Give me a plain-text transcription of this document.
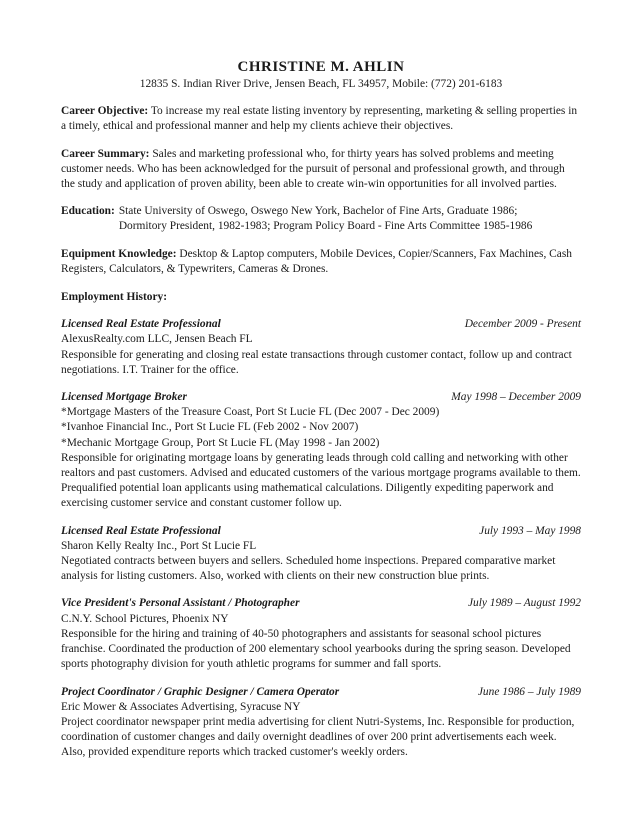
CHRISTINE M. AHLIN
12835 S. Indian River Drive, Jensen Beach, FL 34957, Mobile: (772) 201-6183
Career Objective: To increase my real estate listing inventory by representing, marketing & selling properties in a timely, ethical and professional manner and help my clients achieve their objectives.
Career Summary: Sales and marketing professional who, for thirty years has solved problems and meeting customer needs. Who has been acknowledged for the pursuit of personal and professional growth, and through the study and application of proven ability, been able to create win-win opportunities for all involved parties.
Education: State University of Oswego, Oswego New York, Bachelor of Fine Arts, Graduate 1986;
Dormitory President, 1982-1983; Program Policy Board - Fine Arts Committee 1985-1986
Equipment Knowledge: Desktop & Laptop computers, Mobile Devices, Copier/Scanners, Fax Machines, Cash Registers, Calculators, & Typewriters, Cameras & Drones.
Employment History:
Licensed Real Estate Professional	December 2009 - Present
AlexusRealty.com LLC, Jensen Beach FL
Responsible for generating and closing real estate transactions through customer contact, follow up and contract negotiations. I.T. Trainer for the office.
Licensed Mortgage Broker	May 1998 – December 2009
*Mortgage Masters of the Treasure Coast, Port St Lucie FL (Dec 2007 - Dec 2009)
*Ivanhoe Financial Inc., Port St Lucie FL (Feb 2002 - Nov 2007)
*Mechanic Mortgage Group, Port St Lucie FL (May 1998 - Jan 2002)
Responsible for originating mortgage loans by generating leads through cold calling and networking with other realtors and past customers. Advised and educated customers of the various mortgage programs available to them. Prequalified potential loan applicants using mathematical calculations. Diligently expediting paperwork and exercising customer service and constant customer follow up.
Licensed Real Estate Professional	July 1993 – May 1998
Sharon Kelly Realty Inc., Port St Lucie FL
Negotiated contracts between buyers and sellers. Scheduled home inspections. Prepared comparative market analysis for listing customers. Also, worked with clients on their new construction blue prints.
Vice President's Personal Assistant / Photographer	July 1989 – August 1992
C.N.Y. School Pictures, Phoenix NY
Responsible for the hiring and training of 40-50 photographers and assistants for seasonal school pictures franchise. Coordinated the production of 200 elementary school yearbooks during the spring season. Developed sports photography division for youth athletic programs for summer and fall sports.
Project Coordinator / Graphic Designer / Camera Operator	June 1986 – July 1989
Eric Mower & Associates Advertising, Syracuse NY
Project coordinator newspaper print media advertising for client Nutri-Systems, Inc. Responsible for production, coordination of customer changes and daily overnight deadlines of over 200 print advertisements each week. Also, provided expenditure reports which tracked customer's weekly orders.
